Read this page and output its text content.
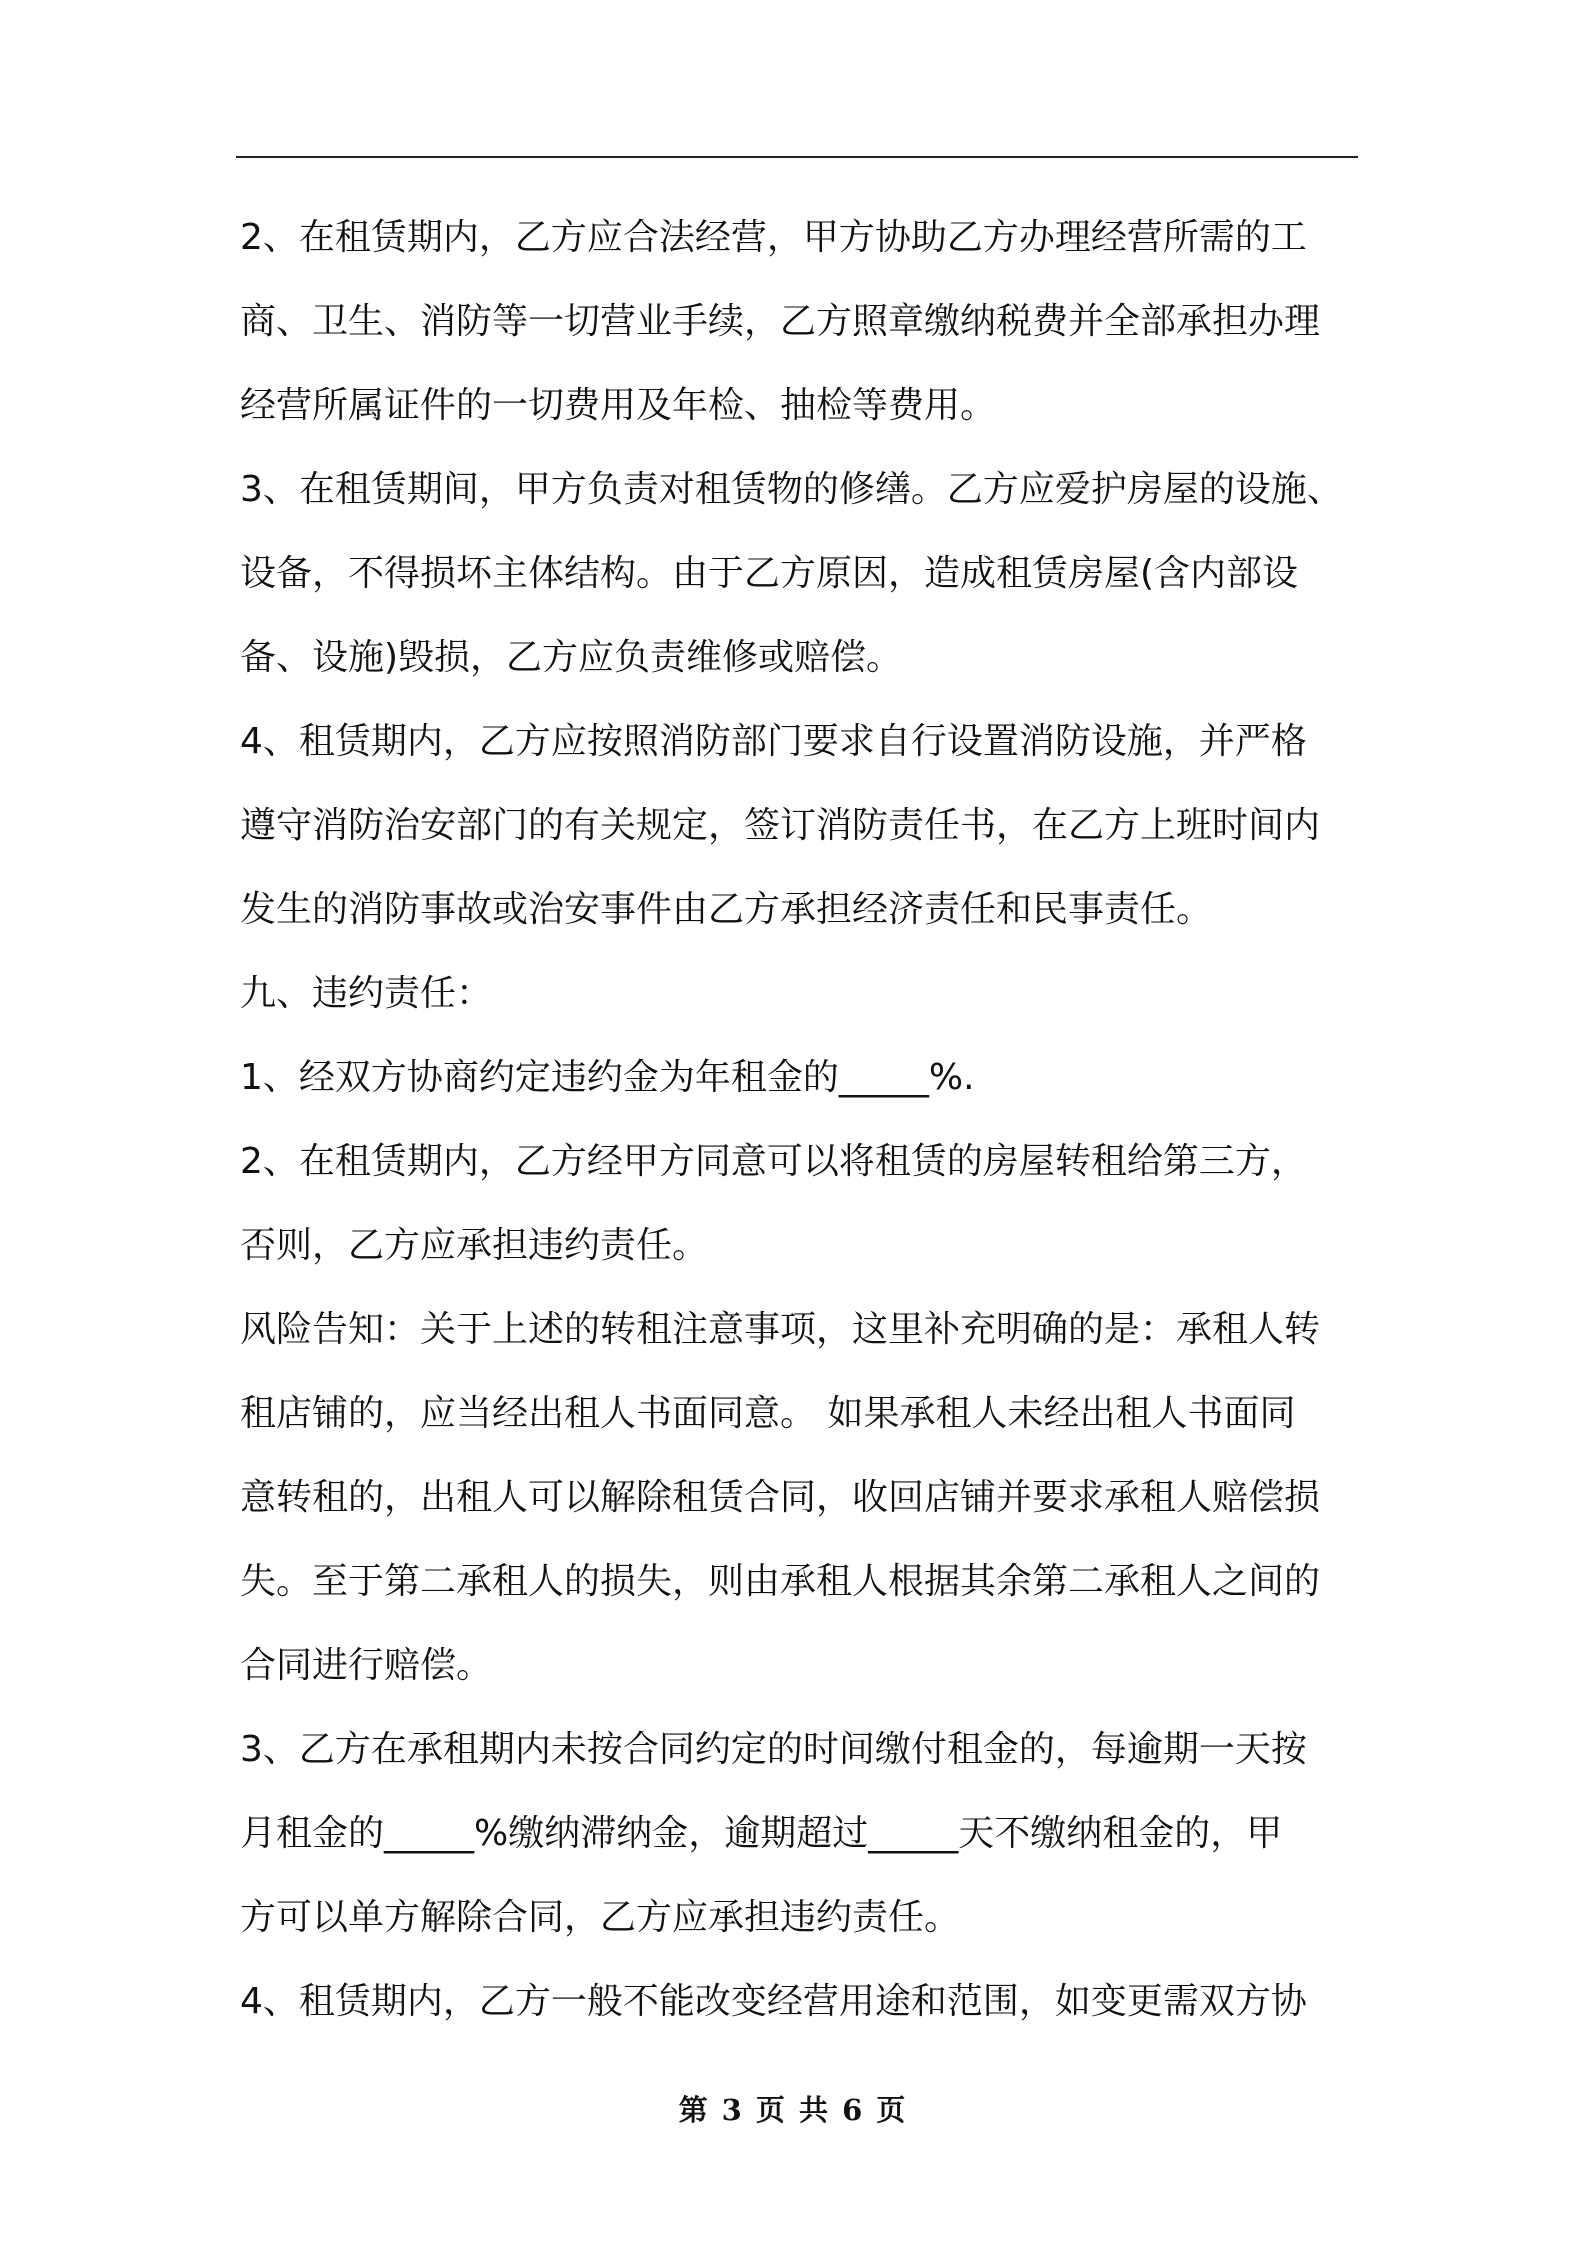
2、在租赁期内，乙方应合法经营，甲方协助乙方办理经营所需的工
商、卫生、消防等一切营业手续，乙方照章缴纳税费并全部承担办理
经营所属证件的一切费用及年检、抽检等费用。
3、在租赁期间，甲方负责对租赁物的修缮。乙方应爱护房屋的设施、
设备，不得损坏主体结构。由于乙方原因，造成租赁房屋(含内部设
备、设施)毁损，乙方应负责维修或赔偿。
4、租赁期内，乙方应按照消防部门要求自行设置消防设施，并严格
遵守消防治安部门的有关规定，签订消防责任书，在乙方上班时间内
发生的消防事故或治安事件由乙方承担经济责任和民事责任。
九、违约责任：
1、经双方协商约定违约金为年租金的_____%.
2、在租赁期内，乙方经甲方同意可以将租赁的房屋转租给第三方，
否则，乙方应承担违约责任。
风险告知：关于上述的转租注意事项，这里补充明确的是：承租人转
租店铺的，应当经出租人书面同意。 如果承租人未经出租人书面同
意转租的，出租人可以解除租赁合同，收回店铺并要求承租人赔偿损
失。至于第二承租人的损失，则由承租人根据其余第二承租人之间的
合同进行赔偿。
3、乙方在承租期内未按合同约定的时间缴付租金的，每逾期一天按
月租金的_____%缴纳滞纳金，逾期超过_____天不缴纳租金的，甲
方可以单方解除合同，乙方应承担违约责任。
4、租赁期内，乙方一般不能改变经营用途和范围，如变更需双方协
第 3 页 共 6 页
